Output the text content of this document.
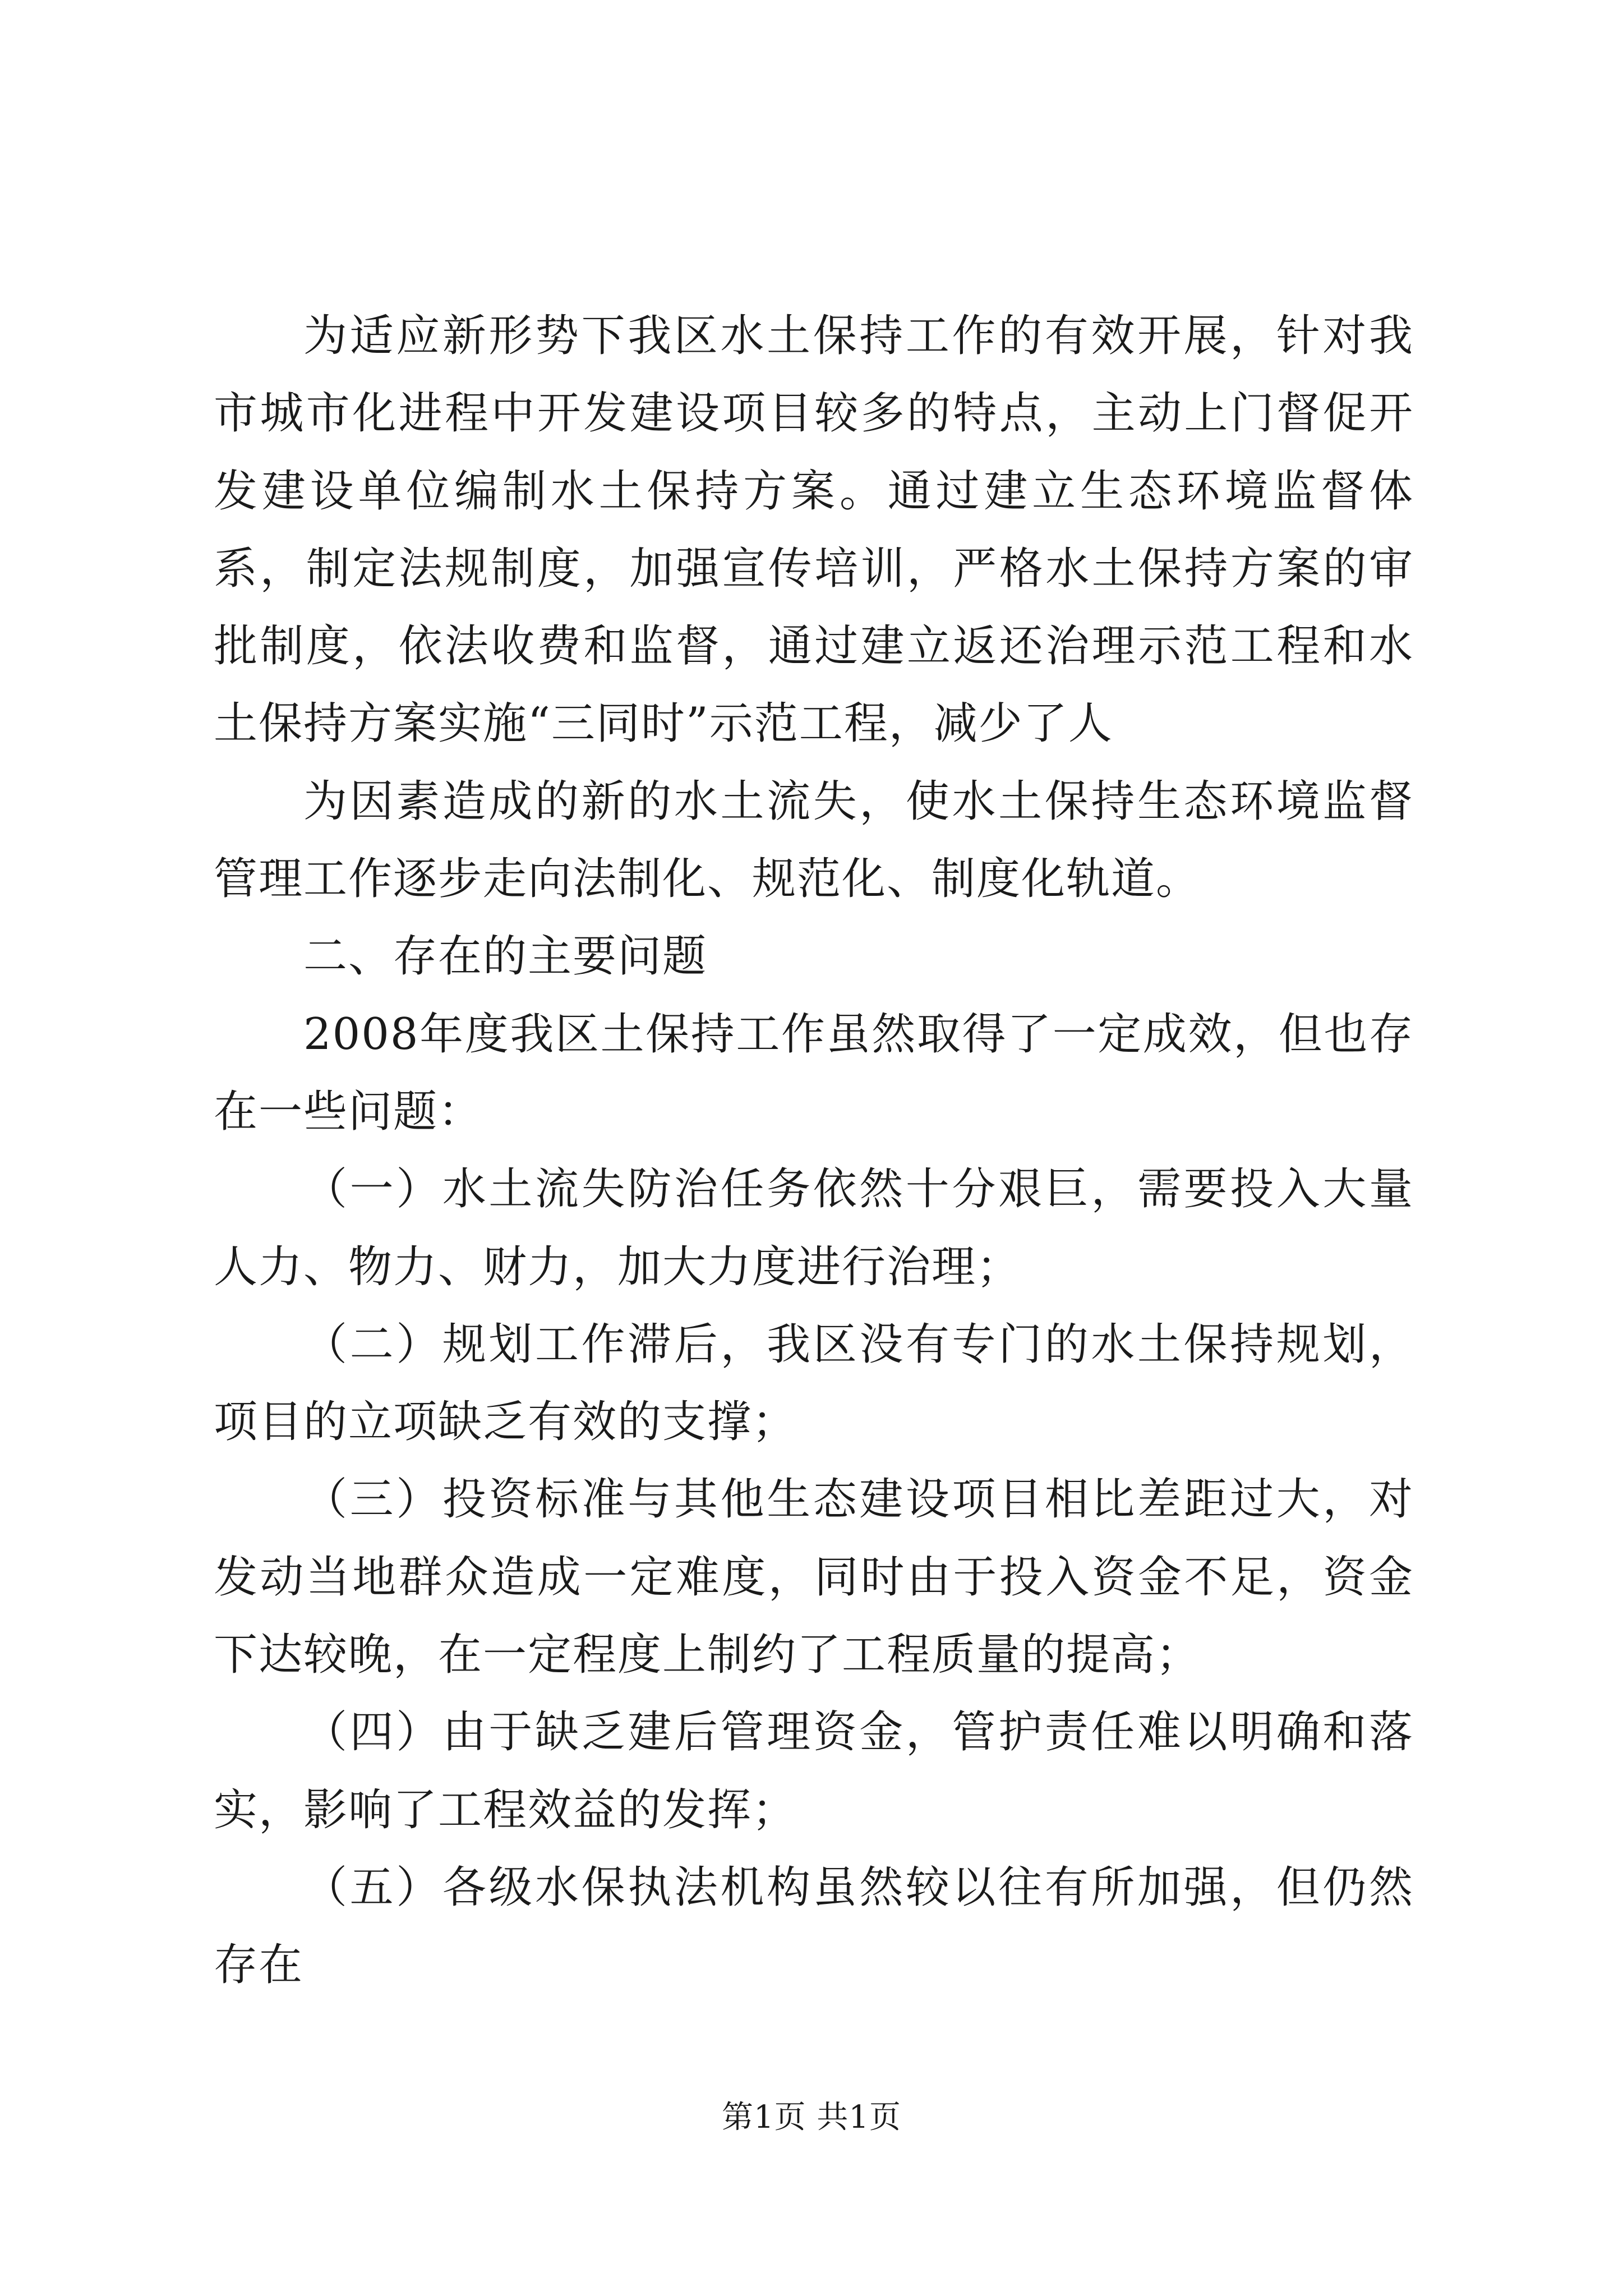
为适应新形势下我区水土保持工作的有效开展，针对我市城市化进程中开发建设项目较多的特点，主动上门督促开发建设单位编制水土保持方案。通过建立生态环境监督体系，制定法规制度，加强宣传培训，严格水土保持方案的审批制度，依法收费和监督，通过建立返还治理示范工程和水土保持方案实施“三同时”示范工程，减少了人

为因素造成的新的水土流失，使水土保持生态环境监督管理工作逐步走向法制化、规范化、制度化轨道。

二、存在的主要问题

2008年度我区土保持工作虽然取得了一定成效，但也存在一些问题：

（一）水土流失防治任务依然十分艰巨，需要投入大量人力、物力、财力，加大力度进行治理；

（二）规划工作滞后，我区没有专门的水土保持规划，项目的立项缺乏有效的支撑；

（三）投资标准与其他生态建设项目相比差距过大，对发动当地群众造成一定难度，同时由于投入资金不足，资金下达较晚，在一定程度上制约了工程质量的提高；

（四）由于缺乏建后管理资金，管护责任难以明确和落实，影响了工程效益的发挥；

（五）各级水保执法机构虽然较以往有所加强，但仍然存在

第1页 共1页
